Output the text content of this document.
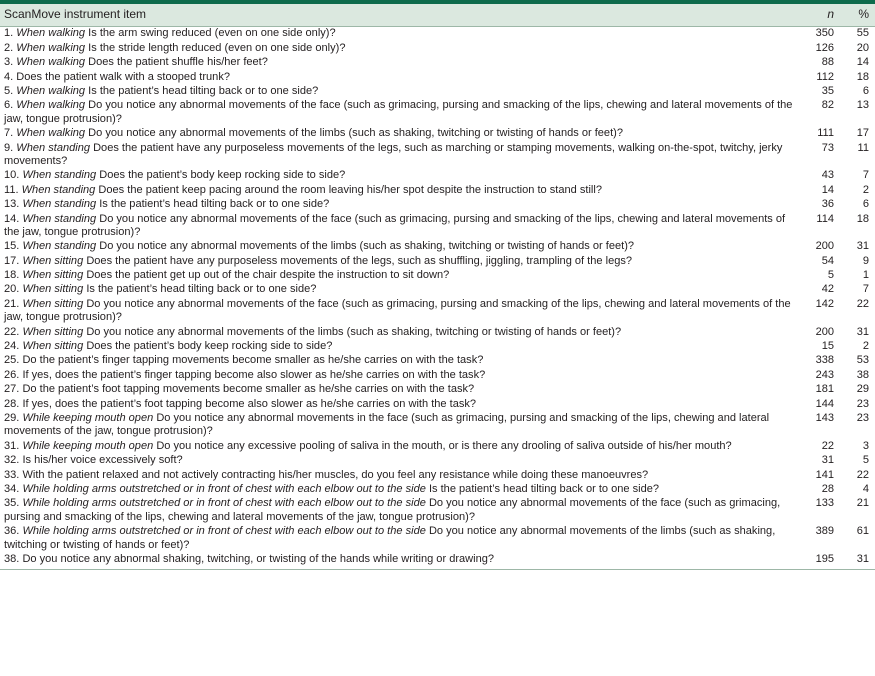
ScanMove instrument item	n	%
1. When walking Is the arm swing reduced (even on one side only)?	350	55
2. When walking Is the stride length reduced (even on one side only)?	126	20
3. When walking Does the patient shuffle his/her feet?	88	14
4. Does the patient walk with a stooped trunk?	112	18
5. When walking Is the patient’s head tilting back or to one side?	35	6
6. When walking Do you notice any abnormal movements of the face (such as grimacing, pursing and smacking of the lips, chewing and lateral movements of the jaw, tongue protrusion)?	82	13
7. When walking Do you notice any abnormal movements of the limbs (such as shaking, twitching or twisting of hands or feet)?	111	17
9. When standing Does the patient have any purposeless movements of the legs, such as marching or stamping movements, walking on-the-spot, twitchy, jerky movements?	73	11
10. When standing Does the patient’s body keep rocking side to side?	43	7
11. When standing Does the patient keep pacing around the room leaving his/her spot despite the instruction to stand still?	14	2
13. When standing Is the patient’s head tilting back or to one side?	36	6
14. When standing Do you notice any abnormal movements of the face (such as grimacing, pursing and smacking of the lips, chewing and lateral movements of the jaw, tongue protrusion)?	114	18
15. When standing Do you notice any abnormal movements of the limbs (such as shaking, twitching or twisting of hands or feet)?	200	31
17. When sitting Does the patient have any purposeless movements of the legs, such as shuffling, jiggling, trampling of the legs?	54	9
18. When sitting Does the patient get up out of the chair despite the instruction to sit down?	5	1
20. When sitting Is the patient’s head tilting back or to one side?	42	7
21. When sitting Do you notice any abnormal movements of the face (such as grimacing, pursing and smacking of the lips, chewing and lateral movements of the jaw, tongue protrusion)?	142	22
22. When sitting Do you notice any abnormal movements of the limbs (such as shaking, twitching or twisting of hands or feet)?	200	31
24. When sitting Does the patient’s body keep rocking side to side?	15	2
25. Do the patient’s finger tapping movements become smaller as he/she carries on with the task?	338	53
26. If yes, does the patient’s finger tapping become also slower as he/she carries on with the task?	243	38
27. Do the patient’s foot tapping movements become smaller as he/she carries on with the task?	181	29
28. If yes, does the patient’s foot tapping become also slower as he/she carries on with the task?	144	23
29. While keeping mouth open Do you notice any abnormal movements in the face (such as grimacing, pursing and smacking of the lips, chewing and lateral movements of the jaw, tongue protrusion)?	143	23
31. While keeping mouth open Do you notice any excessive pooling of saliva in the mouth, or is there any drooling of saliva outside of his/her mouth?	22	3
32. Is his/her voice excessively soft?	31	5
33. With the patient relaxed and not actively contracting his/her muscles, do you feel any resistance while doing these manoeuvres?	141	22
34. While holding arms outstretched or in front of chest with each elbow out to the side Is the patient’s head tilting back or to one side?	28	4
35. While holding arms outstretched or in front of chest with each elbow out to the side Do you notice any abnormal movements of the face (such as grimacing, pursing and smacking of the lips, chewing and lateral movements of the jaw, tongue protrusion)?	133	21
36. While holding arms outstretched or in front of chest with each elbow out to the side Do you notice any abnormal movements of the limbs (such as shaking, twitching or twisting of hands or feet)?	389	61
38. Do you notice any abnormal shaking, twitching, or twisting of the hands while writing or drawing?	195	31
